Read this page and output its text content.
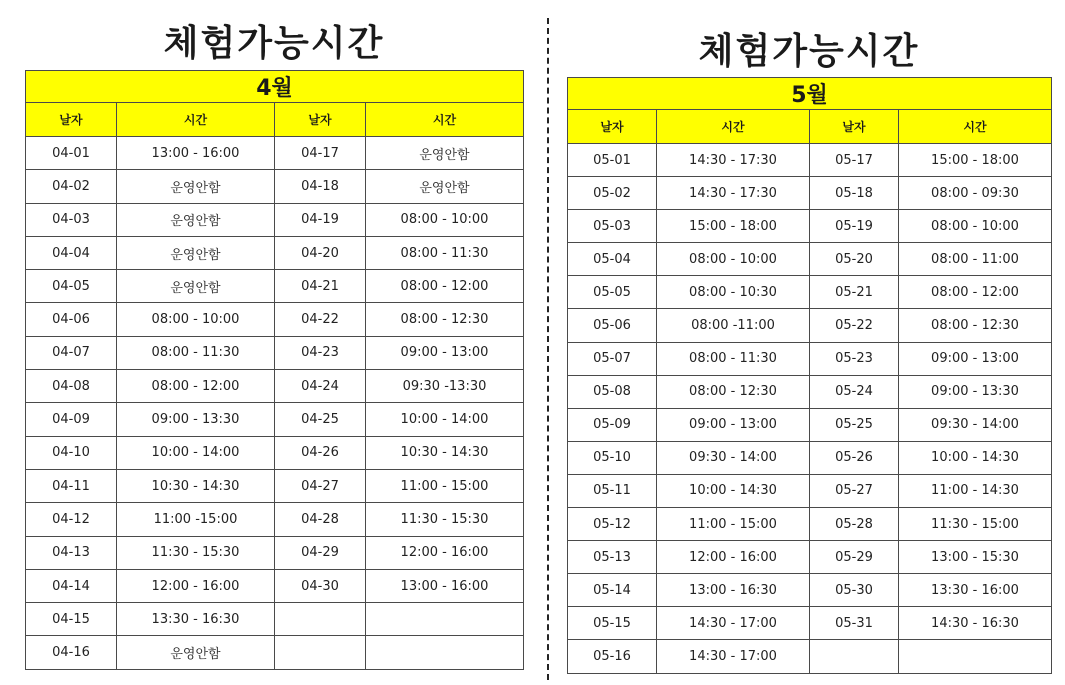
체험가능시간
4월			
날자	시간	날자	시간
04-01	13:00 - 16:00	04-17	운영안함
04-02	운영안함	04-18	운영안함
04-03	운영안함	04-19	08:00 - 10:00
04-04	운영안함	04-20	08:00 - 11:30
04-05	운영안함	04-21	08:00 - 12:00
04-06	08:00 - 10:00	04-22	08:00 - 12:30
04-07	08:00 - 11:30	04-23	09:00 - 13:00
04-08	08:00 - 12:00	04-24	09:30 -13:30
04-09	09:00 - 13:30	04-25	10:00 - 14:00
04-10	10:00 - 14:00	04-26	10:30 - 14:30
04-11	10:30 - 14:30	04-27	11:00 - 15:00
04-12	11:00 -15:00	04-28	11:30 - 15:30
04-13	11:30 - 15:30	04-29	12:00 - 16:00
04-14	12:00 - 16:00	04-30	13:00 - 16:00
04-15	13:30 - 16:30		
04-16	운영안함		
체험가능시간
5월			
날자	시간	날자	시간
05-01	14:30 - 17:30	05-17	15:00 - 18:00
05-02	14:30 - 17:30	05-18	08:00 - 09:30
05-03	15:00 - 18:00	05-19	08:00 - 10:00
05-04	08:00 - 10:00	05-20	08:00 - 11:00
05-05	08:00 - 10:30	05-21	08:00 - 12:00
05-06	08:00 -11:00	05-22	08:00 - 12:30
05-07	08:00 - 11:30	05-23	09:00 - 13:00
05-08	08:00 - 12:30	05-24	09:00 - 13:30
05-09	09:00 - 13:00	05-25	09:30 - 14:00
05-10	09:30 - 14:00	05-26	10:00 - 14:30
05-11	10:00 - 14:30	05-27	11:00 - 14:30
05-12	11:00 - 15:00	05-28	11:30 - 15:00
05-13	12:00 - 16:00	05-29	13:00 - 15:30
05-14	13:00 - 16:30	05-30	13:30 - 16:00
05-15	14:30 - 17:00	05-31	14:30 - 16:30
05-16	14:30 - 17:00		
